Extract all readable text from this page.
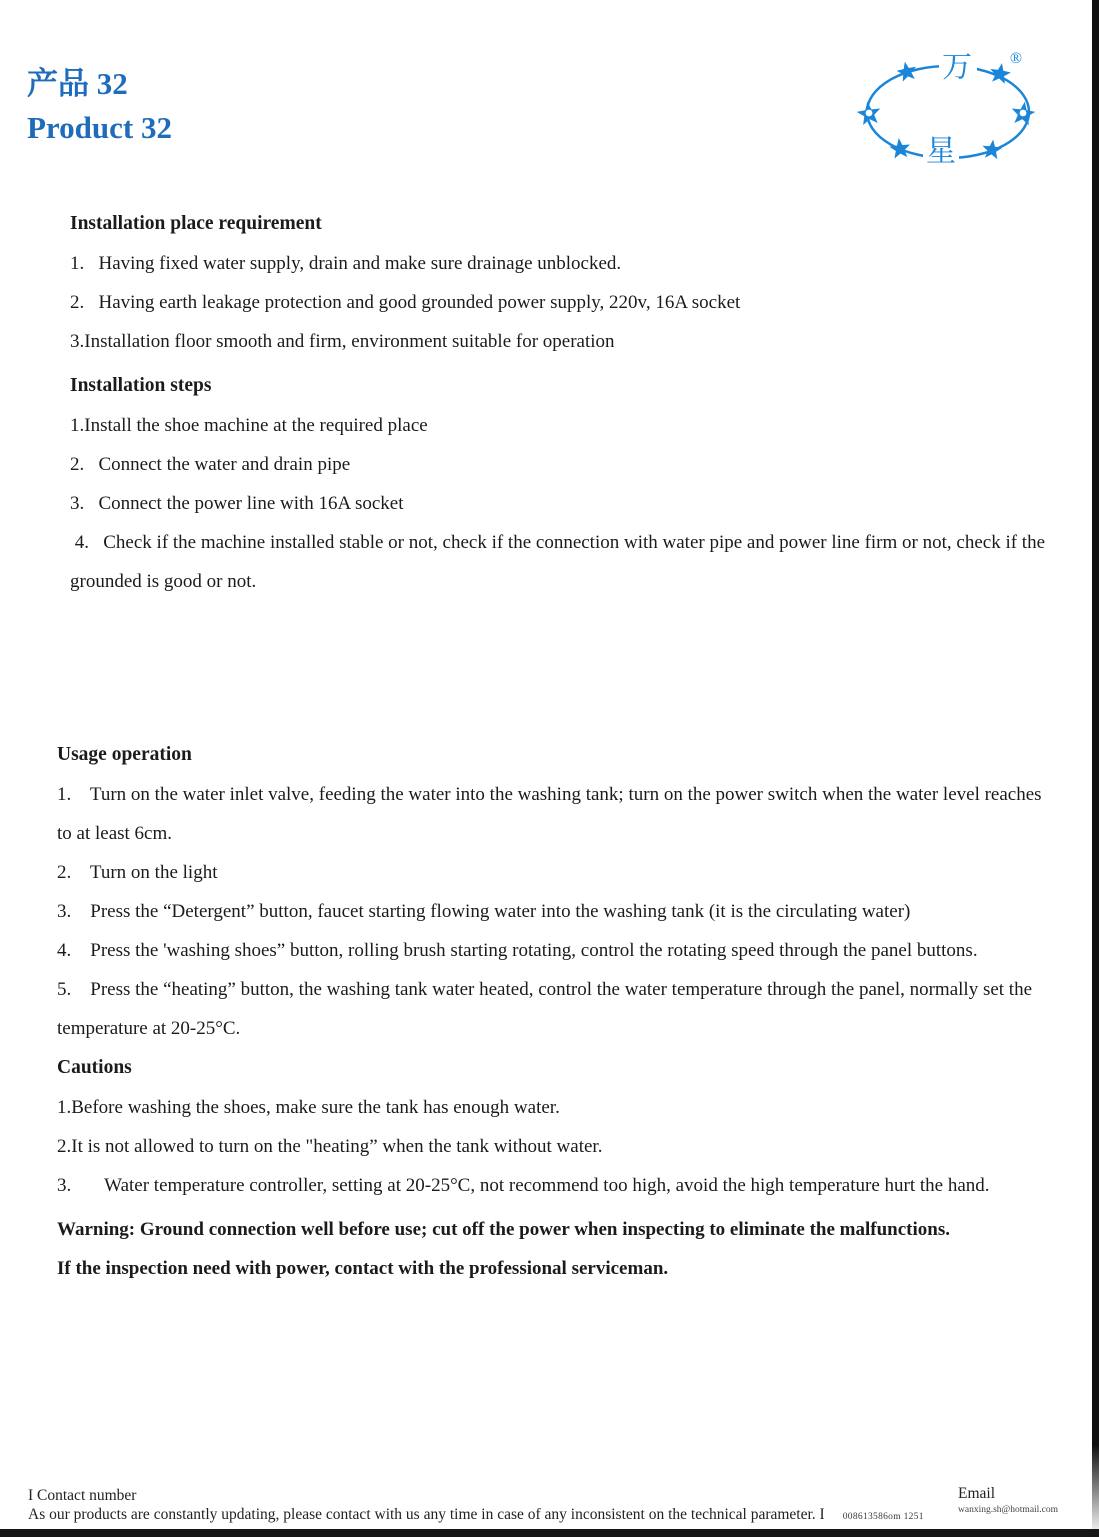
产品 32
Product 32
万
星
®
Installation place requirement

1.   Having fixed water supply, drain and make sure drainage unblocked.

2.   Having earth leakage protection and good grounded power supply, 220v, 16A socket

3.Installation floor smooth and firm, environment suitable for operation

Installation steps

1.Install the shoe machine at the required place

2.   Connect the water and drain pipe

3.   Connect the power line with 16A socket

4.   Check if the machine installed stable or not, check if the connection with water pipe and power line firm or not, check if the

grounded is good or not.

Usage operation

1.    Turn on the water inlet valve, feeding the water into the washing tank; turn on the power switch when the water level reaches

to at least 6cm.

2.    Turn on the light

3.    Press the “Detergent” button, faucet starting flowing water into the washing tank (it is the circulating water)

4.    Press the 'washing shoes” button, rolling brush starting rotating, control the rotating speed through the panel buttons.

5.    Press the “heating” button, the washing tank water heated, control the water temperature through the panel, normally set the

temperature at 20-25°C.

Cautions

1.Before washing the shoes, make sure the tank has enough water.

2.It is not allowed to turn on the "heating” when the tank without water.

3.       Water temperature controller, setting at 20-25°C, not recommend too high, avoid the high temperature hurt the hand.

Warning: Ground connection well before use; cut off the power when inspecting to eliminate the malfunctions.

If the inspection need with power, contact with the professional serviceman.

I Contact number
As our products are constantly updating, please contact with us any time in case of any inconsistent on the technical parameter. I 008613586om 1251
Email
wanxing.sh@hotmail.com
